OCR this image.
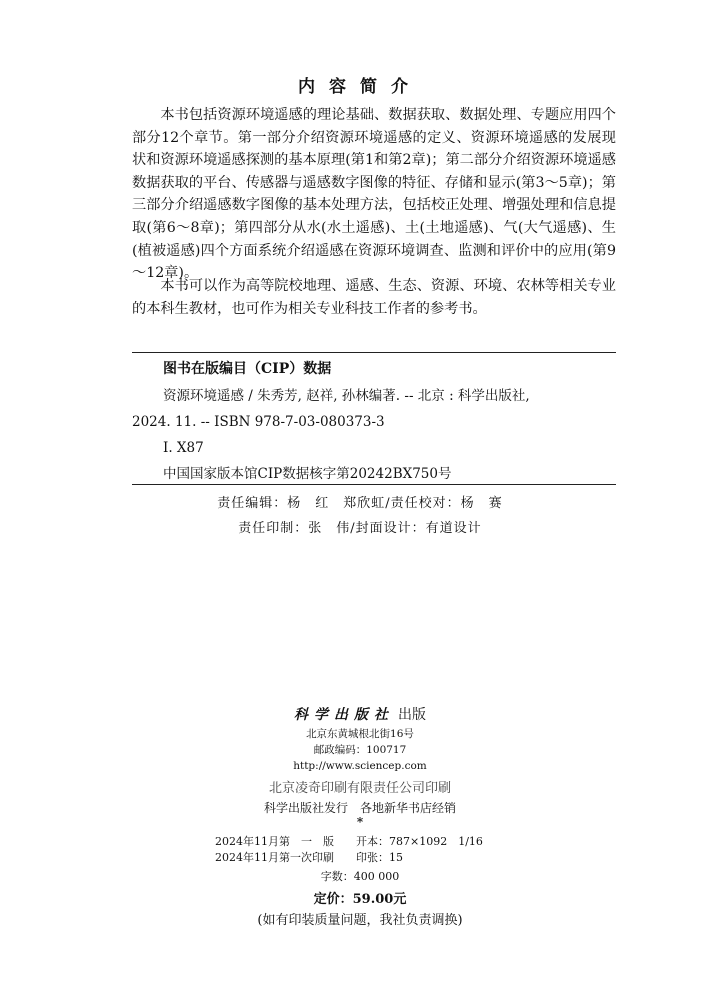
内容简介

本书包括资源环境遥感的理论基础、数据获取、数据处理、专题应用四个部分12个章节。第一部分介绍资源环境遥感的定义、资源环境遥感的发展现状和资源环境遥感探测的基本原理(第1和第2章)；第二部分介绍资源环境遥感数据获取的平台、传感器与遥感数字图像的特征、存储和显示(第3～5章)；第三部分介绍遥感数字图像的基本处理方法，包括校正处理、增强处理和信息提取(第6～8章)；第四部分从水(水土遥感)、土(土地遥感)、气(大气遥感)、生(植被遥感)四个方面系统介绍遥感在资源环境调查、监测和评价中的应用(第9～12章)。

本书可以作为高等院校地理、遥感、生态、资源、环境、农林等相关专业的本科生教材，也可作为相关专业科技工作者的参考书。

图书在版编目（CIP）数据
资源环境遥感 / 朱秀芳, 赵祥, 孙林编著. -- 北京 : 科学出版社,
2024. 11. -- ISBN 978-7-03-080373-3
Ⅰ. X87
中国国家版本馆CIP数据核字第20242BX750号
责任编辑：杨　红　郑欣虹/责任校对：杨　赛
责任印制：张　伟/封面设计：有道设计
科学出版社 出版
北京东黄城根北街16号
邮政编码：100717
http://www.sciencep.com
北京凌奇印刷有限责任公司印刷
科学出版社发行　各地新华书店经销
*
2024年11月第　一　版　　开本：787×1092　1/16
2024年11月第一次印刷　　印张：15
字数：400 000
定价：59.00元
(如有印装质量问题，我社负责调换)
